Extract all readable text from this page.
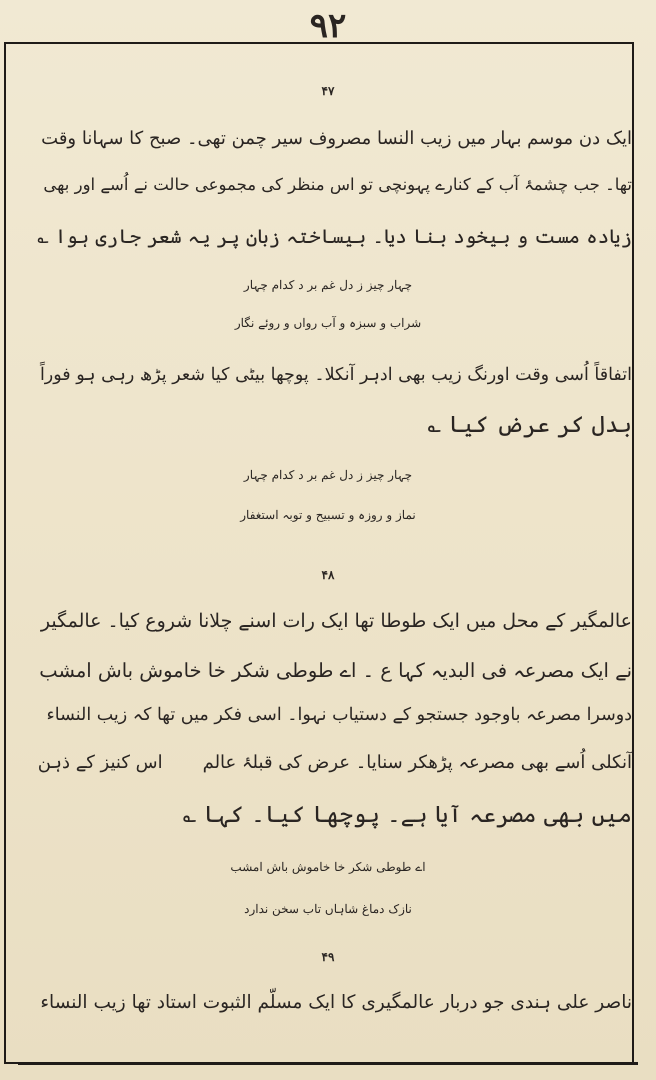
۹۲
۴۷
ایک دن موسم بہار میں زیب النسا مصروف سیر چمن تھی۔ صبح کا سہانا وقت
تھا۔ جب چشمۂ آب کے کنارے پہونچی تو اس منظر کی مجموعی حالت نے اُسے اور بھی
زیادہ مست و بیخود بنا دیا۔ بیساختہ زبان پر یہ شعر جاری ہوا ؎
چہار چیز ز دل غم بر د کدام چہار
شراب و سبزہ و آب رواں و روئے نگار
اتفاقاً اُسی وقت اورنگ زیب بھی ادہر آنکلا۔ پوچھا بیٹی کیا شعر پڑھ رہی ہو فوراً
بدل کر عرض کیا ؎
چہار چیز ز دل غم بر د کدام چہار
نماز و روزہ و تسبیح و توبہ استغفار
۴۸
عالمگیر کے محل میں ایک طوطا تھا ایک رات اسنے چلانا شروع کیا۔ عالمگیر
نے ایک مصرعہ فی البدیہ کہا ع ۔ اے طوطی شکر خا خاموش باش امشب
دوسرا مصرعہ باوجود جستجو کے دستیاب نہوا۔ اسی فکر میں تھا کہ زیب النساء
آنکلی اُسے بھی مصرعہ پڑھکر سنایا۔ عرض کی قبلۂ عالماس کنیز کے ذہن
میں بھی مصرعہ آیا ہے۔ پوچھا کیا۔ کہا ؎
اے طوطی شکر خا خاموش باش امشب
نازک دماغ شاہاں تاب سخن ندارد
۴۹
ناصر علی ہندی جو دربار عالمگیری کا ایک مسلّم الثبوت استاد تھا زیب النساء
